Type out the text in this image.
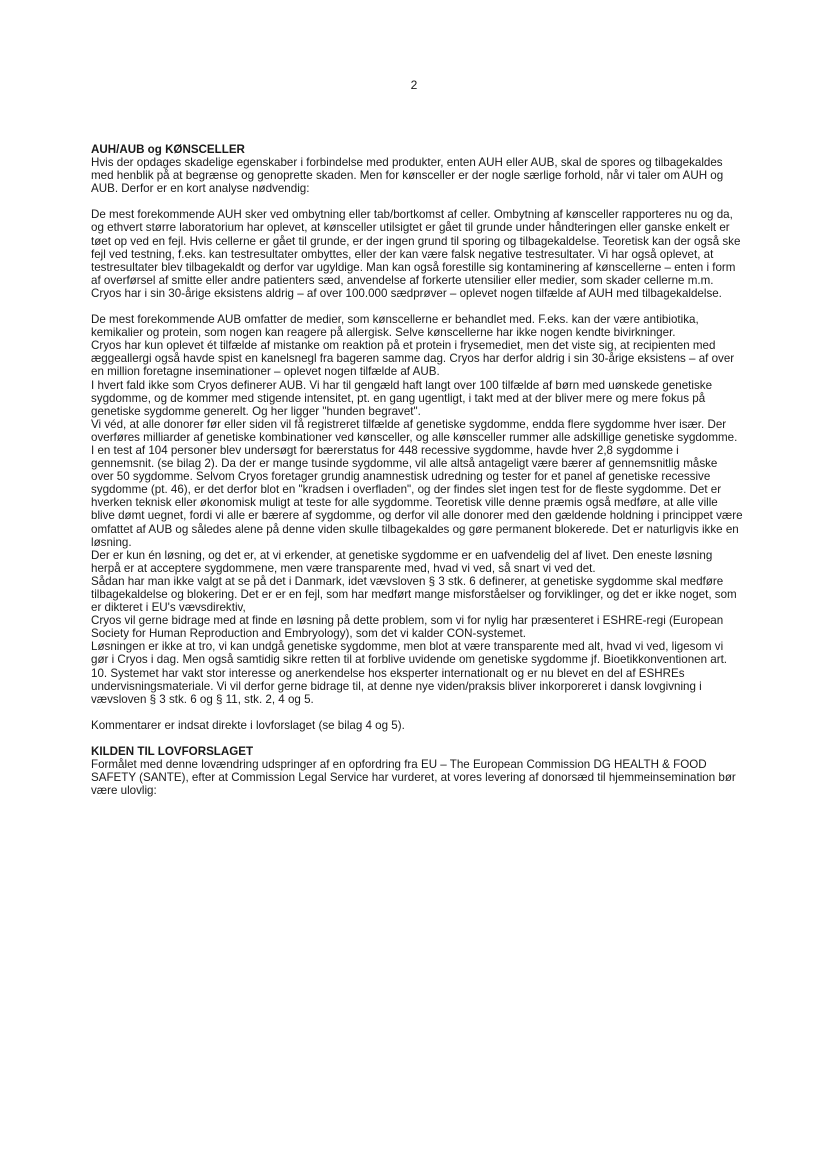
2

AUH/AUB og KØNSCELLER

Hvis der opdages skadelige egenskaber i forbindelse med produkter, enten AUH eller AUB, skal de spores og tilbagekaldes med henblik på at begrænse og genoprette skaden. Men for kønsceller er der nogle særlige forhold, når vi taler om AUH og AUB. Derfor er en kort analyse nødvendig:

De mest forekommende AUH sker ved ombytning eller tab/bortkomst af celler. Ombytning af kønsceller rapporteres nu og da, og ethvert større laboratorium har oplevet, at kønsceller utilsigtet er gået til grunde under håndteringen eller ganske enkelt er tøet op ved en fejl. Hvis cellerne er gået til grunde, er der ingen grund til sporing og tilbagekaldelse. Teoretisk kan der også ske fejl ved testning, f.eks. kan testresultater ombyttes, eller der kan være falsk negative testresultater. Vi har også oplevet, at testresultater blev tilbagekaldt og derfor var ugyldige. Man kan også forestille sig kontaminering af kønscellerne – enten i form af overførsel af smitte eller andre patienters sæd, anvendelse af forkerte utensilier eller medier, som skader cellerne m.m.

Cryos har i sin 30-årige eksistens aldrig – af over 100.000 sædprøver – oplevet nogen tilfælde af AUH med tilbagekaldelse.

De mest forekommende AUB omfatter de medier, som kønscellerne er behandlet med. F.eks. kan der være antibiotika, kemikalier og protein, som nogen kan reagere på allergisk. Selve kønscellerne har ikke nogen kendte bivirkninger.

Cryos har kun oplevet ét tilfælde af mistanke om reaktion på et protein i frysemediet, men det viste sig, at recipienten med æggeallergi også havde spist en kanelsnegl fra bageren samme dag. Cryos har derfor aldrig i sin 30-årige eksistens – af over en million foretagne inseminationer – oplevet nogen tilfælde af AUB.

I hvert fald ikke som Cryos definerer AUB. Vi har til gengæld haft langt over 100 tilfælde af børn med uønskede genetiske sygdomme, og de kommer med stigende intensitet, pt. en gang ugentligt, i takt med at der bliver mere og mere fokus på genetiske sygdomme generelt. Og her ligger "hunden begravet".

Vi véd, at alle donorer før eller siden vil få registreret tilfælde af genetiske sygdomme, endda flere sygdomme hver især. Der overføres milliarder af genetiske kombinationer ved kønsceller, og alle kønsceller rummer alle adskillige genetiske sygdomme. I en test af 104 personer blev undersøgt for bærerstatus for 448 recessive sygdomme, havde hver 2,8 sygdomme i gennemsnit. (se bilag 2). Da der er mange tusinde sygdomme, vil alle altså antageligt være bærer af gennemsnitlig måske over 50 sygdomme. Selvom Cryos foretager grundig anamnestisk udredning og tester for et panel af genetiske recessive sygdomme (pt. 46), er det derfor blot en "kradsen i overfladen", og der findes slet ingen test for de fleste sygdomme. Det er hverken teknisk eller økonomisk muligt at teste for alle sygdomme. Teoretisk ville denne præmis også medføre, at alle ville blive dømt uegnet, fordi vi alle er bærere af sygdomme, og derfor vil alle donorer med den gældende holdning i princippet være omfattet af AUB og således alene på denne viden skulle tilbagekaldes og gøre permanent blokerede. Det er naturligvis ikke en løsning.

Der er kun én løsning, og det er, at vi erkender, at genetiske sygdomme er en uafvendelig del af livet. Den eneste løsning herpå er at acceptere sygdommene, men være transparente med, hvad vi ved, så snart vi ved det.

Sådan har man ikke valgt at se på det i Danmark, idet vævsloven § 3 stk. 6 definerer, at genetiske sygdomme skal medføre tilbagekaldelse og blokering. Det er er en fejl, som har medført mange misforståelser og forviklinger, og det er ikke noget, som er dikteret i EU's vævsdirektiv,

Cryos vil gerne bidrage med at finde en løsning på dette problem, som vi for nylig har præsenteret i ESHRE-regi (European Society for Human Reproduction and Embryology), som det vi kalder CON-systemet.

Løsningen er ikke at tro, vi kan undgå genetiske sygdomme, men blot at være transparente med alt, hvad vi ved, ligesom vi gør i Cryos i dag. Men også samtidig sikre retten til at forblive uvidende om genetiske sygdomme jf. Bioetikkonventionen art. 10. Systemet har vakt stor interesse og anerkendelse hos eksperter internationalt og er nu blevet en del af ESHREs undervisningsmateriale. Vi vil derfor gerne bidrage til, at denne nye viden/praksis bliver inkorporeret i dansk lovgivning i vævsloven § 3 stk. 6 og § 11, stk. 2, 4 og 5.

Kommentarer er indsat direkte i lovforslaget (se bilag 4 og 5).

KILDEN TIL LOVFORSLAGET

Formålet med denne lovændring udspringer af en opfordring fra EU – The European Commission DG HEALTH & FOOD SAFETY (SANTE), efter at Commission Legal Service har vurderet, at vores levering af donorsæd til hjemmeinsemination bør være ulovlig:
